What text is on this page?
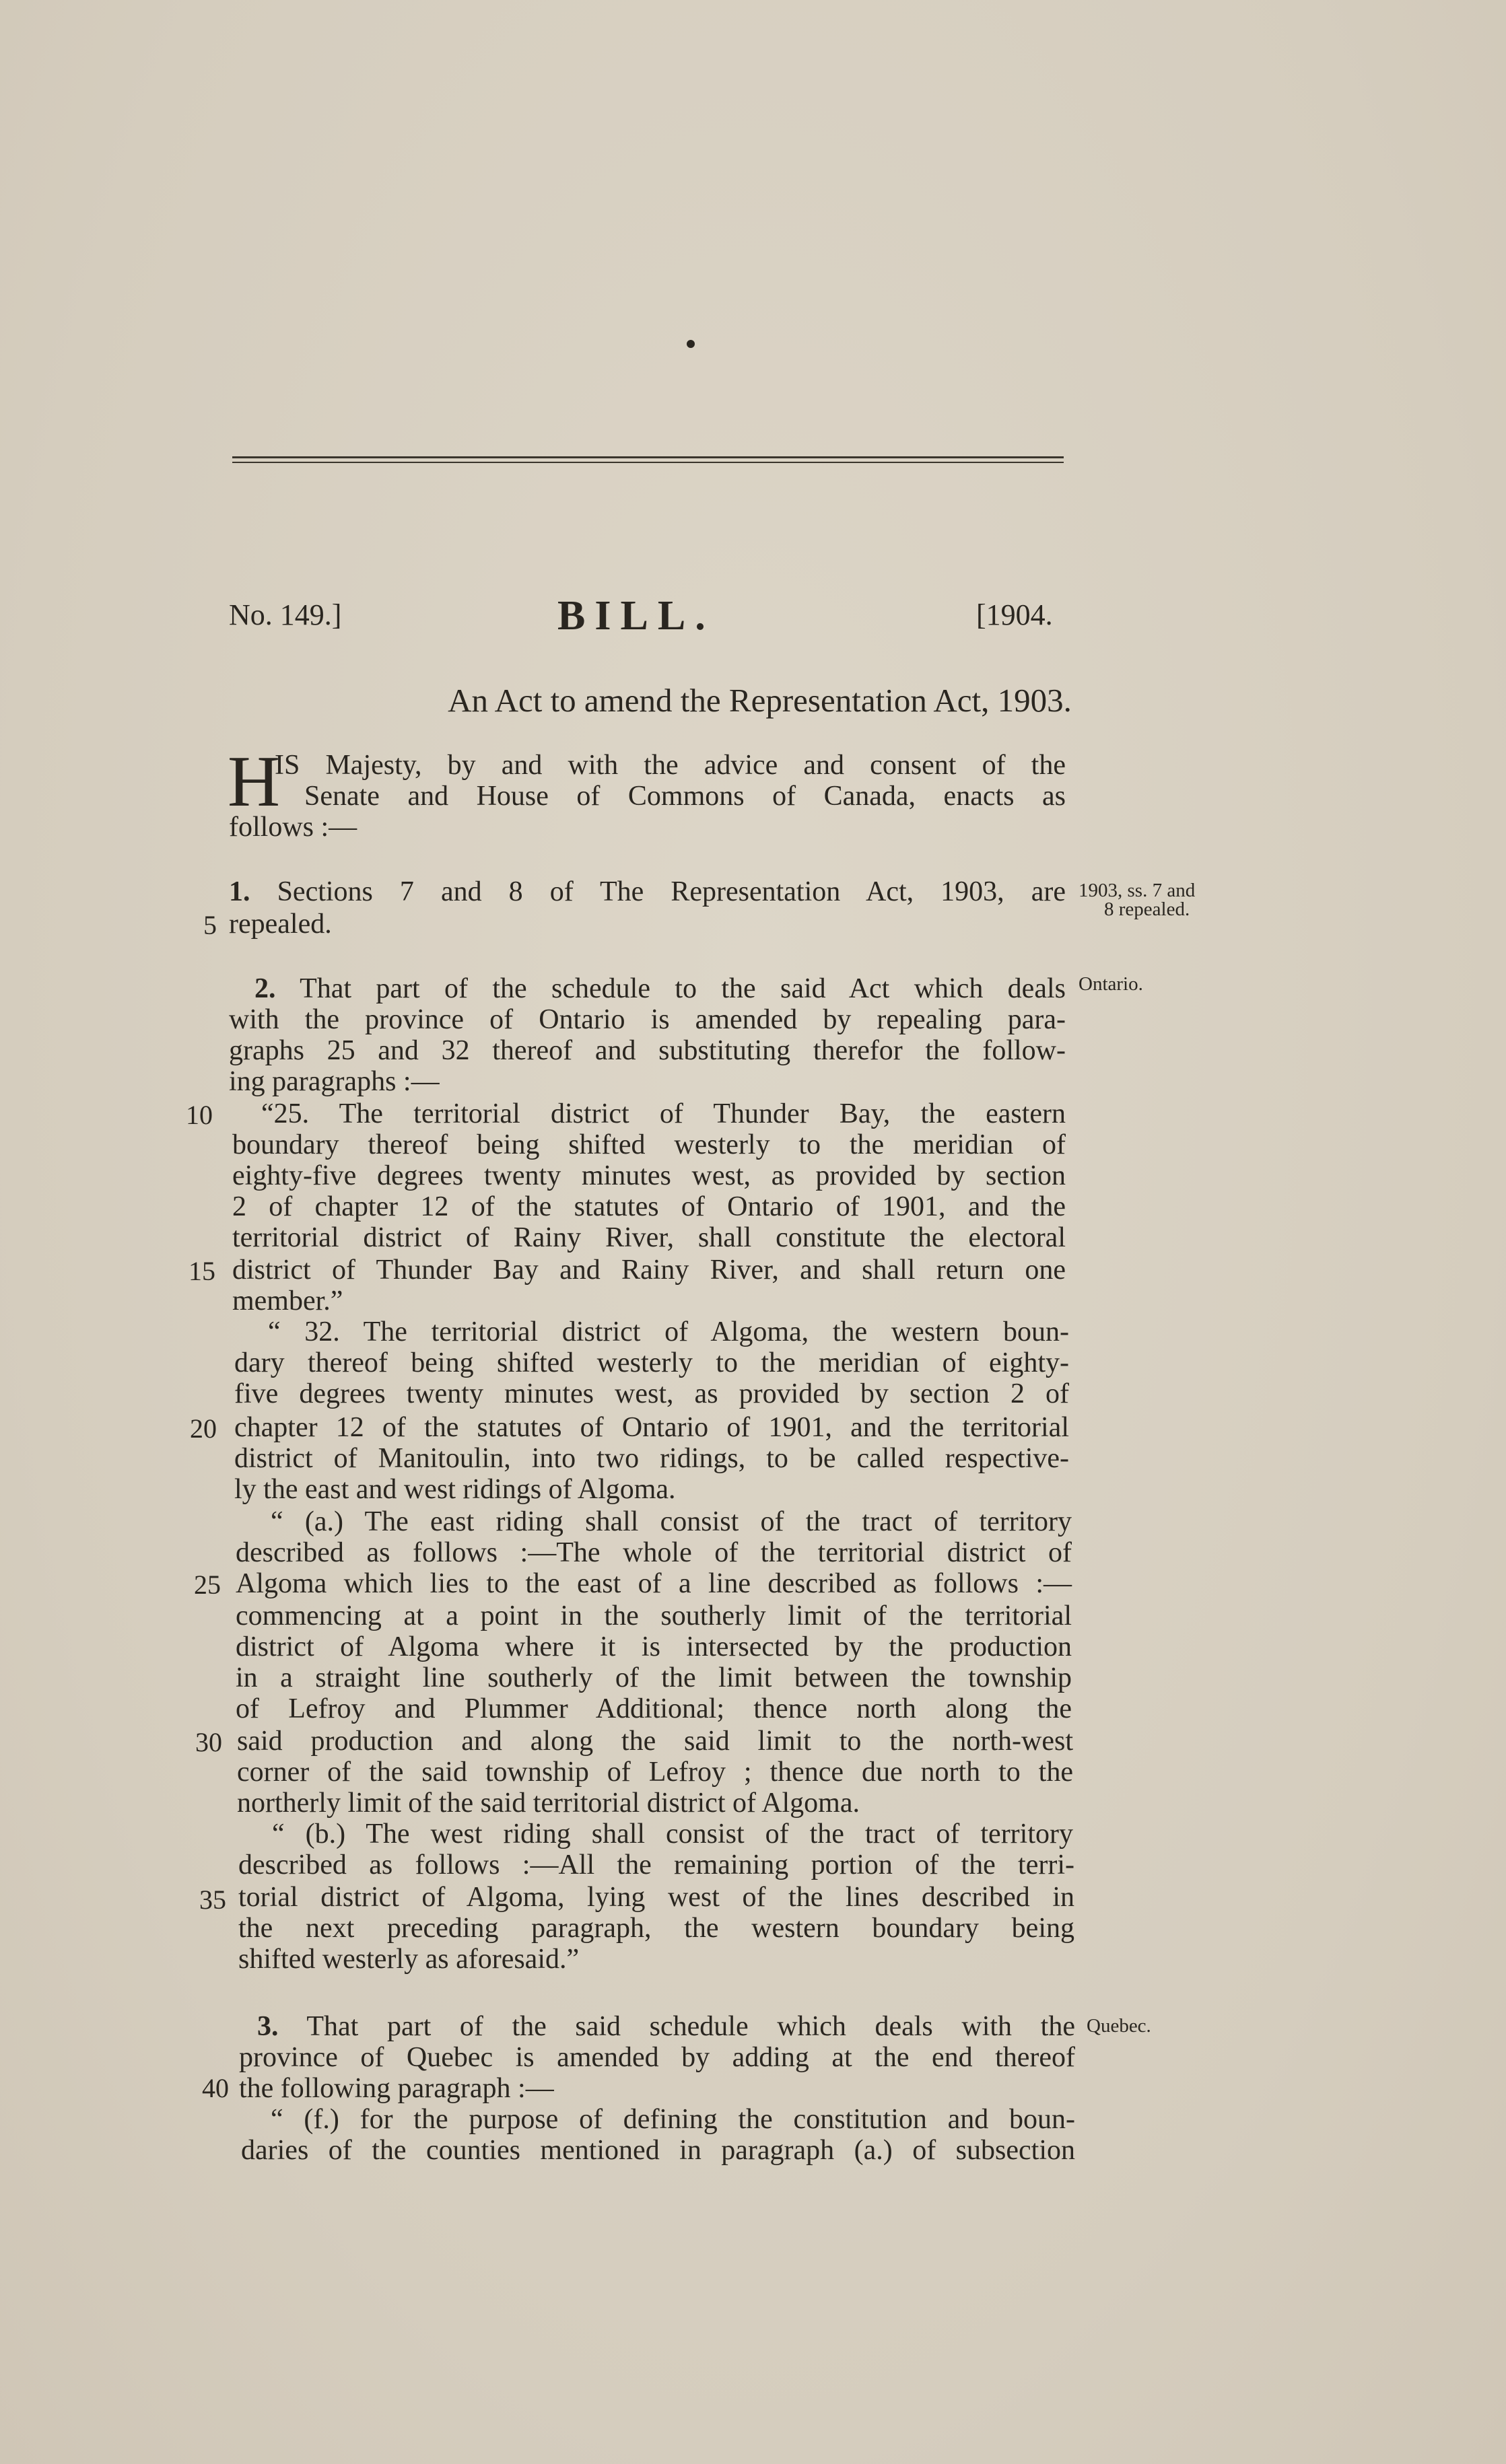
No. 149.]	BILL.	[1904.
An Act to amend the Representation Act, 1903.
H
IS Majesty, by and with the advice and consent of the
Senate and House of Commons of Canada, enacts as
follows :—
1. Sections 7 and 8 of The Representation Act, 1903, are
repealed.
1903, ss. 7 and
8 repealed.
2. That part of the schedule to the said Act which deals Ontario.
with the province of Ontario is amended by repealing para-
graphs 25 and 32 thereof and substituting therefor the follow-
ing paragraphs :—
“25. The territorial district of Thunder Bay, the eastern
boundary thereof being shifted westerly to the meridian of
eighty-five degrees twenty minutes west, as provided by section
2 of chapter 12 of the statutes of Ontario of 1901, and the
territorial district of Rainy River, shall constitute the electoral
district of Thunder Bay and Rainy River, and shall return one
member.”
“ 32. The territorial district of Algoma, the western boun-
dary thereof being shifted westerly to the meridian of eighty-
five degrees twenty minutes west, as provided by section 2 of
chapter 12 of the statutes of Ontario of 1901, and the territorial
district of Manitoulin, into two ridings, to be called respective-
ly the east and west ridings of Algoma.
“ (a.) The east riding shall consist of the tract of territory
described as follows :—The whole of the territorial district of
Algoma which lies to the east of a line described as follows :—
commencing at a point in the southerly limit of the territorial
district of Algoma where it is intersected by the production
in a straight line southerly of the limit between the township
of Lefroy and Plummer Additional; thence north along the
said production and along the said limit to the north-west
corner of the said township of Lefroy ; thence due north to the
northerly limit of the said territorial district of Algoma.
“ (b.) The west riding shall consist of the tract of territory
described as follows :—All the remaining portion of the terri-
torial district of Algoma, lying west of the lines described in
the next preceding paragraph, the western boundary being
shifted westerly as aforesaid.”
3. That part of the said schedule which deals with the Quebec.
province of Quebec is amended by adding at the end thereof
the following paragraph :—
“ (f.) for the purpose of defining the constitution and boun-
daries of the counties mentioned in paragraph (a.) of subsection
5
10
15
20
25
30
35
40
